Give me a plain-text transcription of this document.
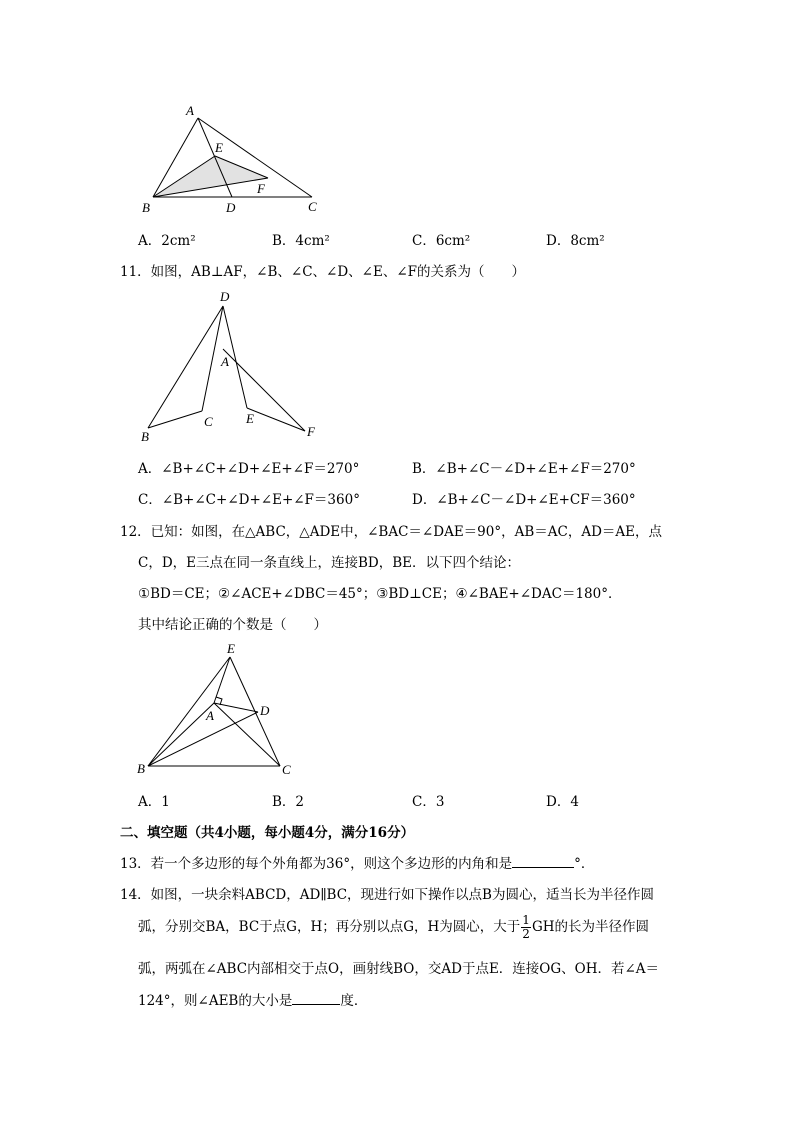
A
E
F
B	D	C
A．2cm²	B．4cm²	C．6cm²	D．8cm²
11．如图，AB⊥AF，∠B、∠C、∠D、∠E、∠F的关系为（　　）
D
A
C	E
B	F
A．∠B+∠C+∠D+∠E+∠F＝270°	B．∠B+∠C－∠D+∠E+∠F＝270°
C．∠B+∠C+∠D+∠E+∠F＝360°	D．∠B+∠C－∠D+∠E+CF＝360°
12．已知：如图，在△ABC，△ADE中，∠BAC＝∠DAE＝90°，AB＝AC，AD＝AE，点
C，D，E三点在同一条直线上，连接BD，BE．以下四个结论：
①BD＝CE；②∠ACE+∠DBC＝45°；③BD⊥CE；④∠BAE+∠DAC＝180°．
其中结论正确的个数是（　　）
E
A	D
B	C
A．1	B．2	C．3	D．4
二、填空题（共4小题，每小题4分，满分16分）
13．若一个多边形的每个外角都为36°，则这个多边形的内角和是	°．
14．如图，一块余料ABCD，AD∥BC，现进行如下操作以点B为圆心，适当长为半径作圆
弧，分别交BA，BC于点G，H；再分别以点G，H为圆心，大于 $\frac{1}{2}$ GH的长为半径作圆
弧，两弧在∠ABC内部相交于点O，画射线BO，交AD于点E．连接OG、OH．若∠A＝
124°，则∠AEB的大小是	度．
